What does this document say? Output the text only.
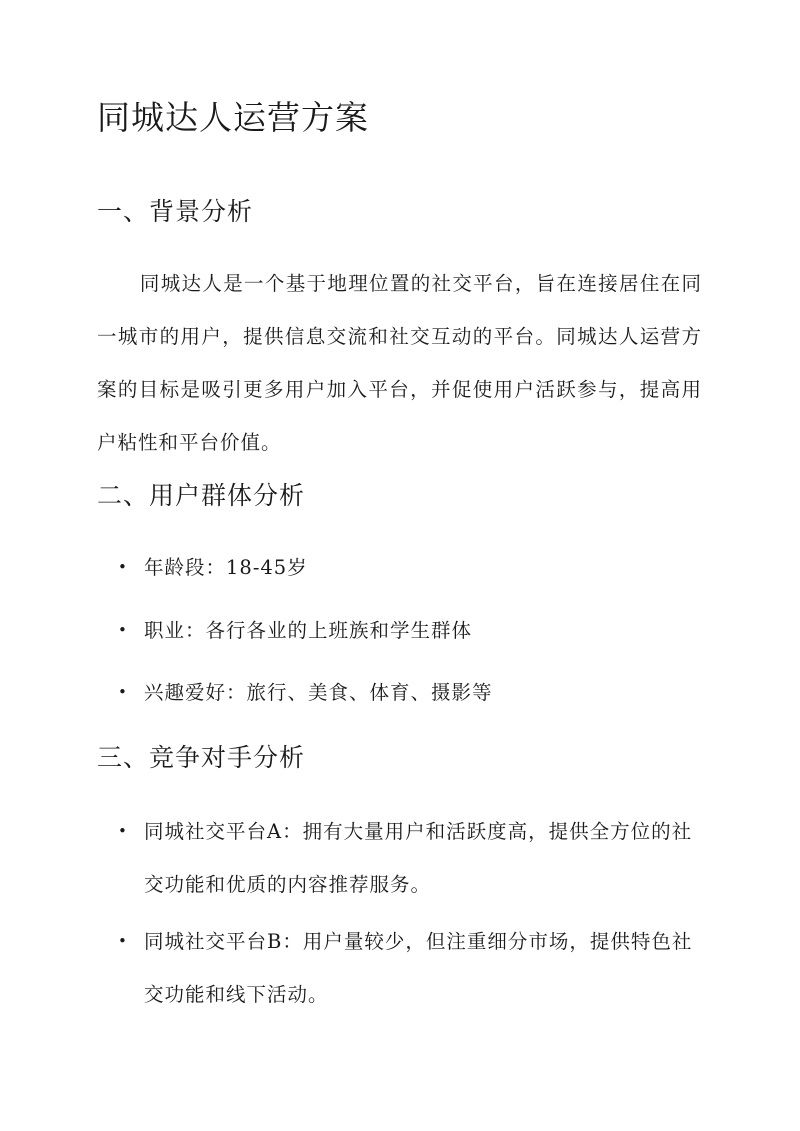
同城达人运营方案
一、背景分析

同城达人是一个基于地理位置的社交平台，旨在连接居住在同一城市的用户，提供信息交流和社交互动的平台。同城达人运营方案的目标是吸引更多用户加入平台，并促使用户活跃参与，提高用户粘性和平台价值。

二、用户群体分析
• 年龄段：18-45岁
• 职业：各行各业的上班族和学生群体
• 兴趣爱好：旅行、美食、体育、摄影等
三、竞争对手分析
• 同城社交平台A：拥有大量用户和活跃度高，提供全方位的社交功能和优质的内容推荐服务。
• 同城社交平台B：用户量较少，但注重细分市场，提供特色社交功能和线下活动。
